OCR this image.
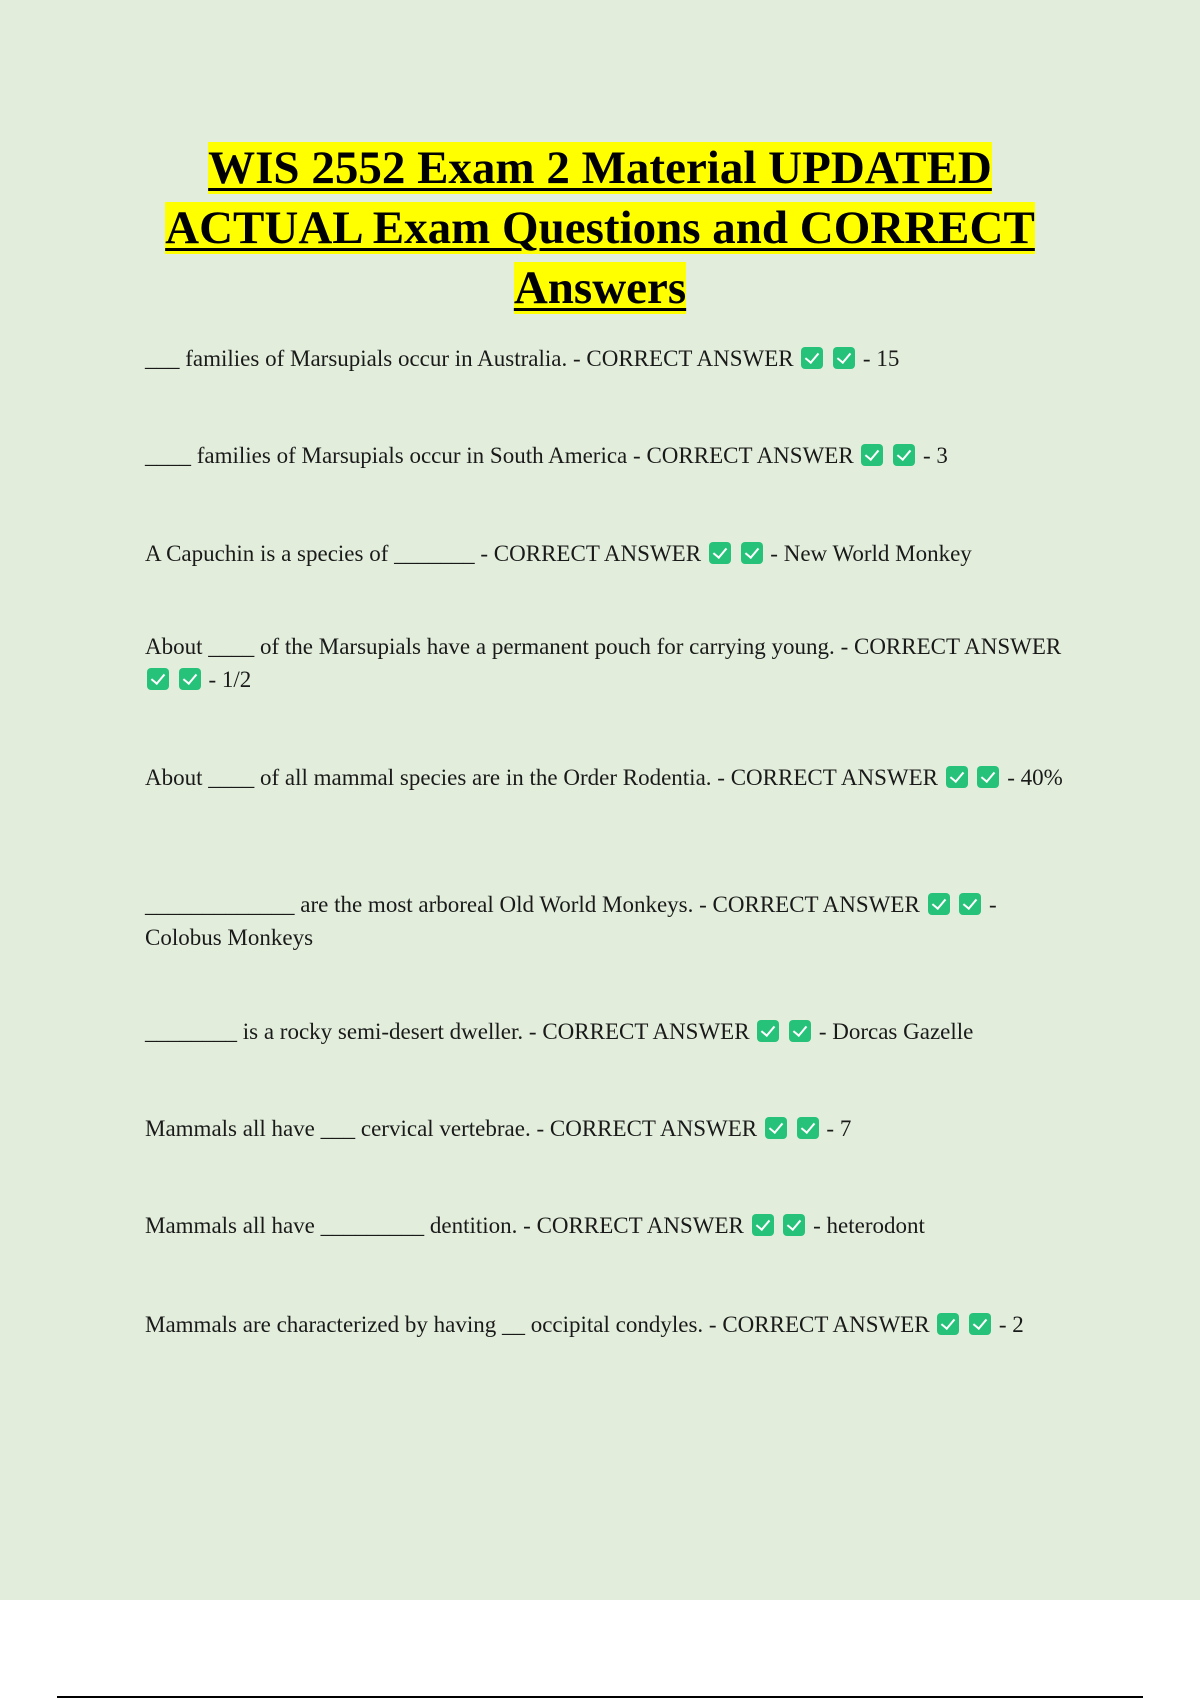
WIS 2552 Exam 2 Material UPDATED
ACTUAL Exam Questions and CORRECT
Answers

___ families of Marsupials occur in Australia. - CORRECT ANSWER	- 15

____ families of Marsupials occur in South America - CORRECT ANSWER	- 3

A Capuchin is a species of _______ - CORRECT ANSWER	- New World Monkey

About ____ of the Marsupials have a permanent pouch for carrying young. - CORRECT ANSWER   - 1/2

About ____ of all mammal species are in the Order Rodentia. - CORRECT ANSWER	- 40%

_____________ are the most arboreal Old World Monkeys. - CORRECT ANSWER	- Colobus Monkeys

________ is a rocky semi-desert dweller. - CORRECT ANSWER	- Dorcas Gazelle

Mammals all have ___ cervical vertebrae. - CORRECT ANSWER	- 7

Mammals all have _________ dentition. - CORRECT ANSWER	- heterodont

Mammals are characterized by having __ occipital condyles. - CORRECT ANSWER	- 2
